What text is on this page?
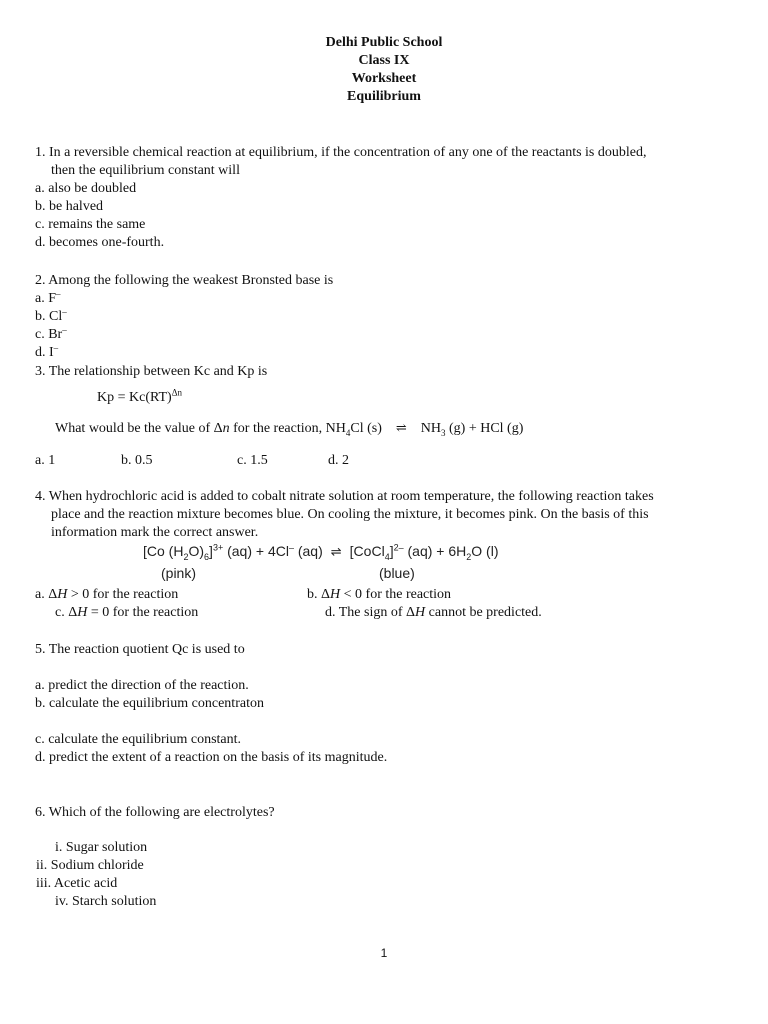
Delhi Public School
Class IX
Worksheet
Equilibrium
1. In a reversible chemical reaction at equilibrium, if the concentration of any one of the reactants is doubled,
then the equilibrium constant will
a. also be doubled
b. be halved
c. remains the same
d. becomes one-fourth.
2. Among the following the weakest Bronsted base is
a. F–
b. Cl–
c. Br–
d. I–
3. The relationship between Kc and Kp is
Kp = Kc(RT)$^{\Delta n}$
What would be the value of Δn for the reaction, $NH_4Cl$ (s) ⇌ $NH_3$ (g) + HCl (g)
a. 1	b. 0.5	c. 1.5	d. 2
4. When hydrochloric acid is added to cobalt nitrate solution at room temperature, the following reaction takes
place and the reaction mixture becomes blue. On cooling the mixture, it becomes pink. On the basis of this
information mark the correct answer.
[Co $(H_2O)_6]^{3+}$ (aq) + 4Cl– (aq) ⇌ [CoCl$_4$]$^{2-}$ $(aq) + 6H_2O$ (l)
(pink)	(blue)
a. ΔH > 0 for the reaction	b. ΔH < 0 for the reaction
c. ΔH = 0 for the reaction	d. The sign of ΔH cannot be predicted.
5. The reaction quotient Qc is used to
a. predict the direction of the reaction.
b. calculate the equilibrium concentraton
c. calculate the equilibrium constant.
d. predict the extent of a reaction on the basis of its magnitude.
6. Which of the following are electrolytes?
i. Sugar solution
ii. Sodium chloride
iii. Acetic acid
iv. Starch solution
1
